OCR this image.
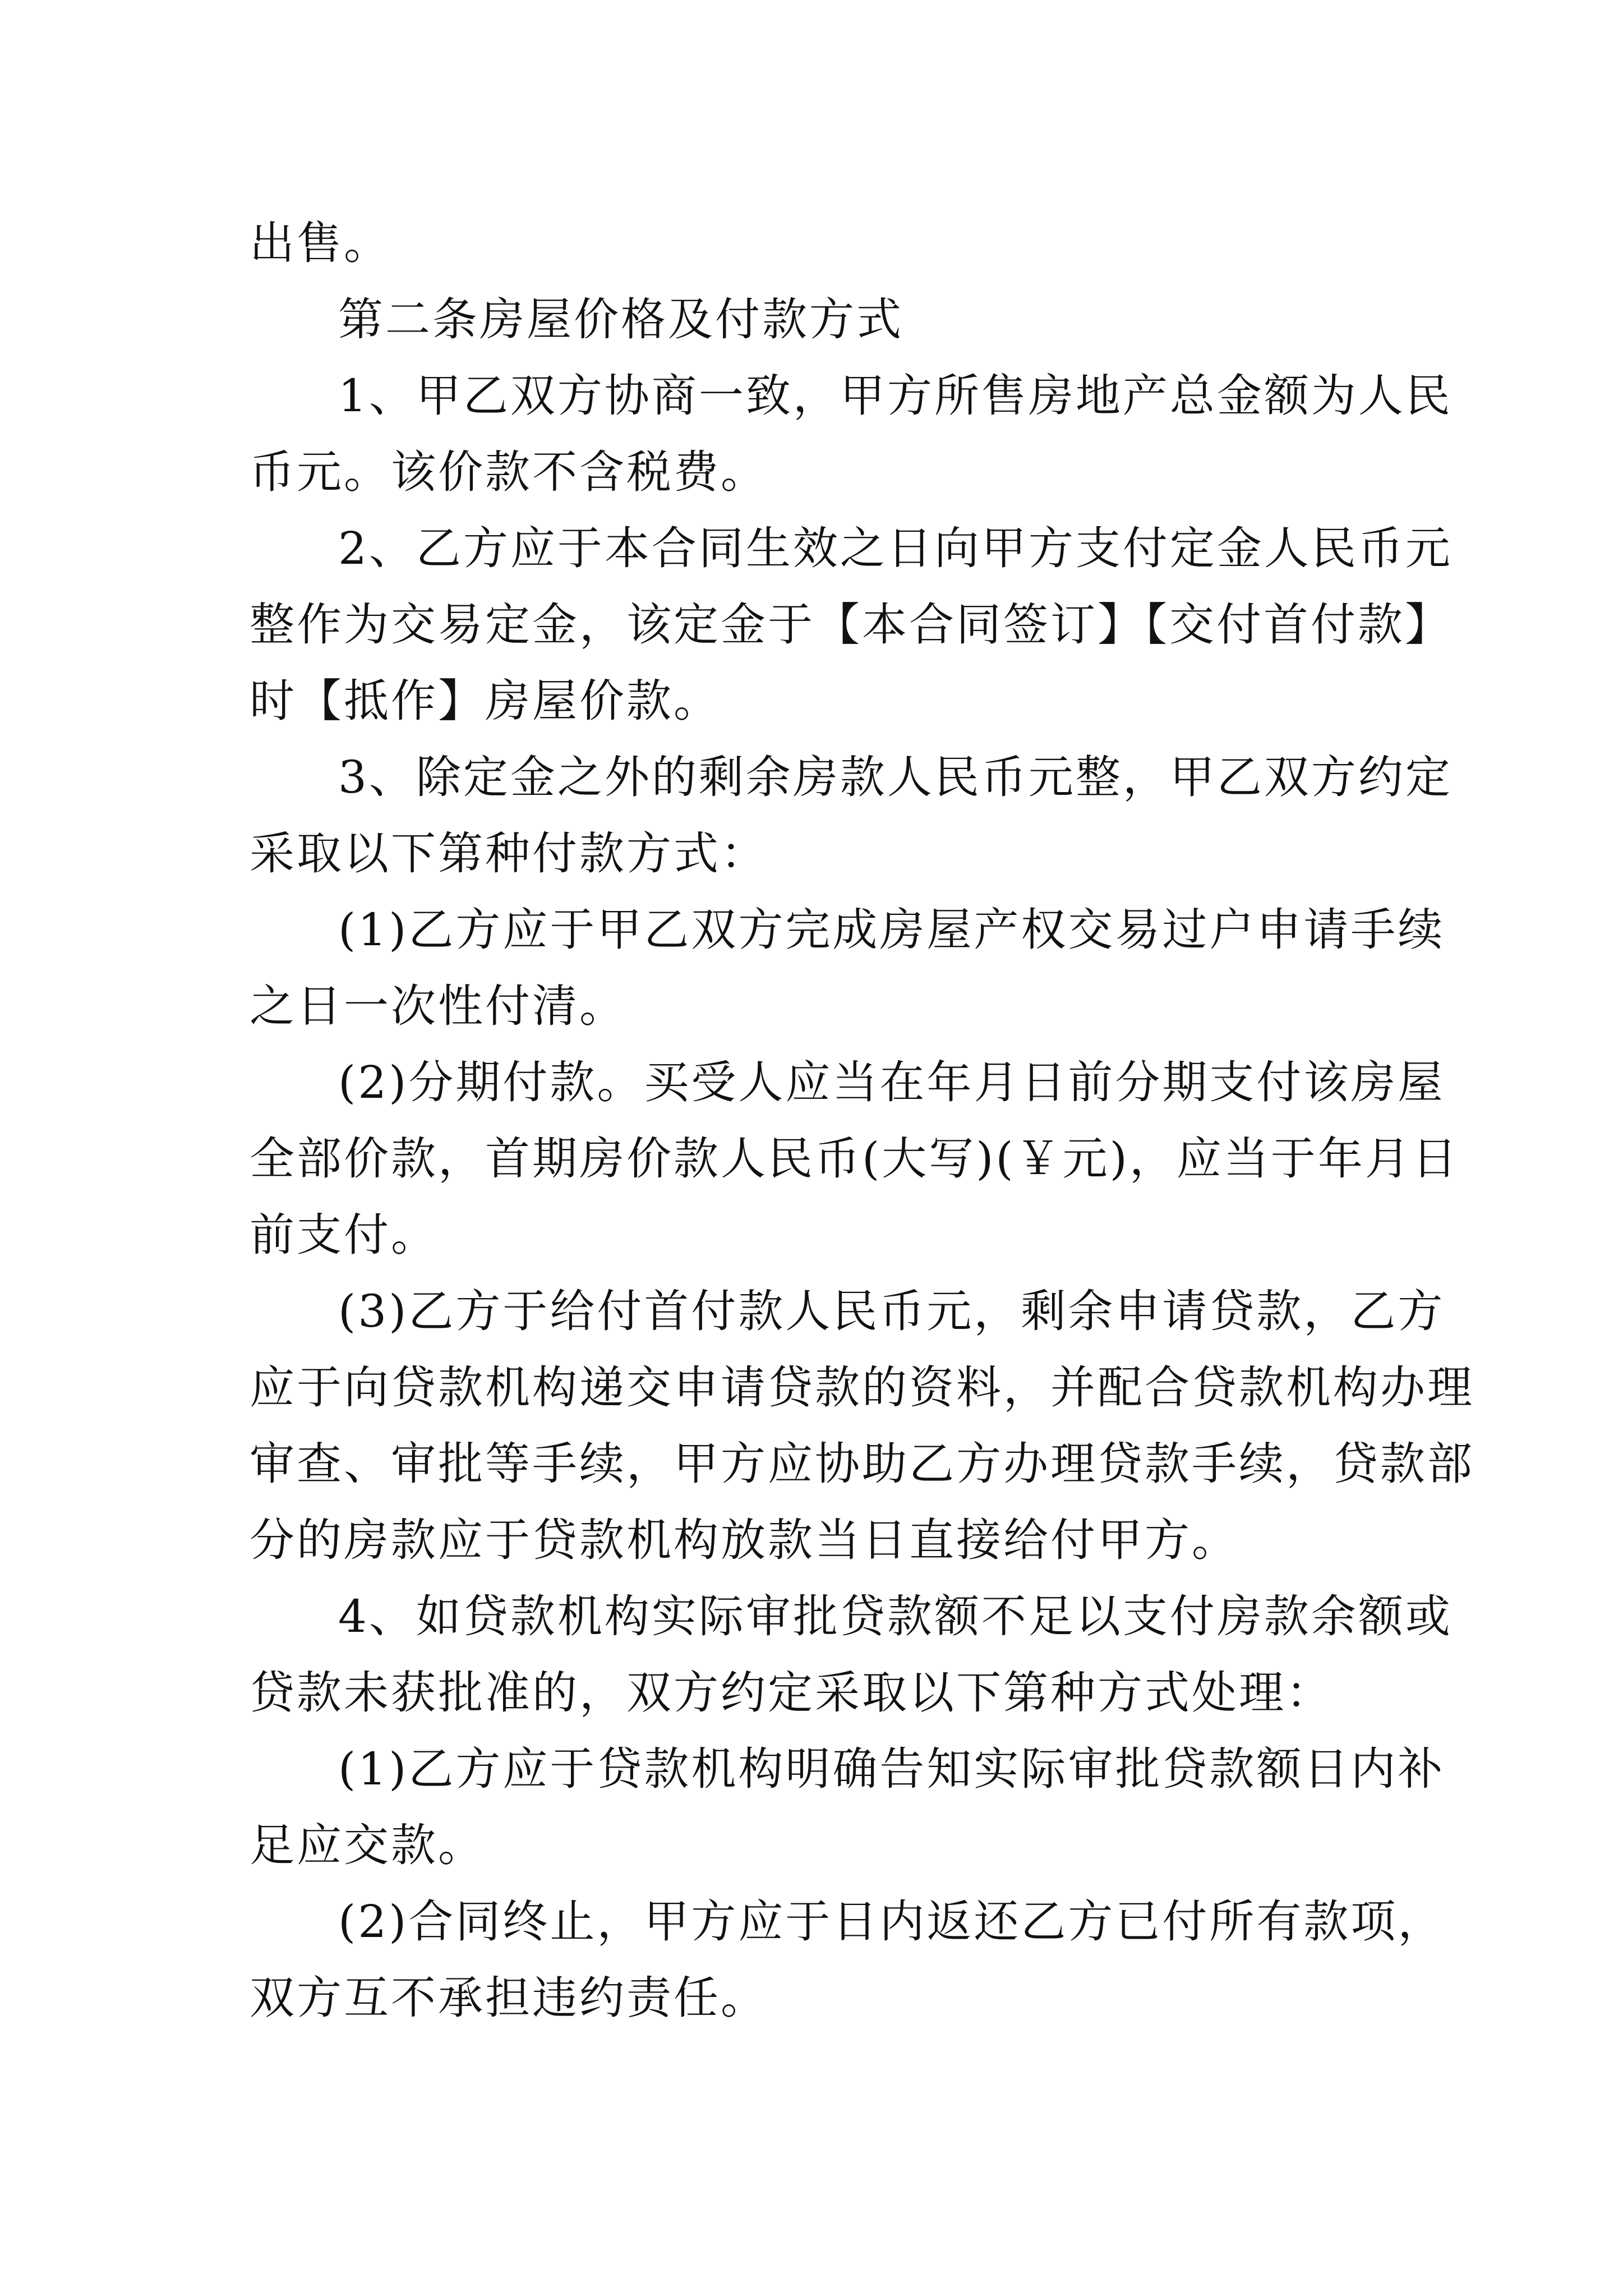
出售。
第二条房屋价格及付款方式
1、甲乙双方协商一致，甲方所售房地产总金额为人民
币元。该价款不含税费。
2、乙方应于本合同生效之日向甲方支付定金人民币元
整作为交易定金，该定金于【本合同签订】【交付首付款】
时【抵作】房屋价款。
3、除定金之外的剩余房款人民币元整，甲乙双方约定
采取以下第种付款方式：
(1)乙方应于甲乙双方完成房屋产权交易过户申请手续
之日一次性付清。
(2)分期付款。买受人应当在年月日前分期支付该房屋
全部价款，首期房价款人民币(大写)(￥元)，应当于年月日
前支付。
(3)乙方于给付首付款人民币元，剩余申请贷款，乙方
应于向贷款机构递交申请贷款的资料，并配合贷款机构办理
审查、审批等手续，甲方应协助乙方办理贷款手续，贷款部
分的房款应于贷款机构放款当日直接给付甲方。
4、如贷款机构实际审批贷款额不足以支付房款余额或
贷款未获批准的，双方约定采取以下第种方式处理：
(1)乙方应于贷款机构明确告知实际审批贷款额日内补
足应交款。
(2)合同终止，甲方应于日内返还乙方已付所有款项，
双方互不承担违约责任。
